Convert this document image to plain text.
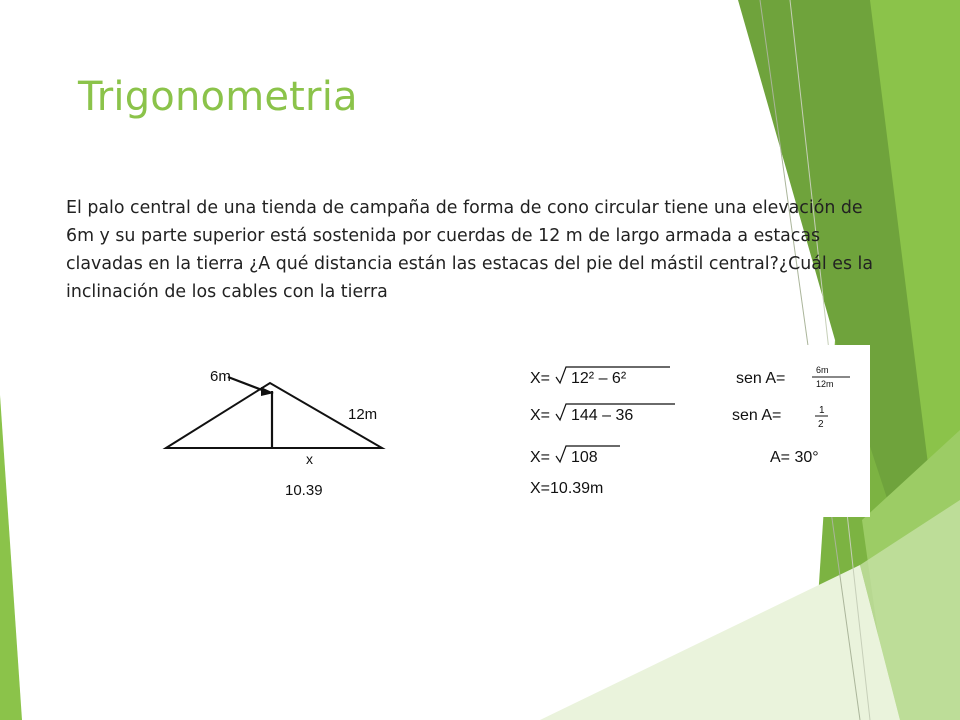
Trigonometria

El palo central de una tienda de campaña de forma de cono circular tiene una elevación de 6m y su parte superior está sostenida por cuerdas de 12 m de largo armada a estacas clavadas en la tierra ¿A qué distancia están las estacas del pie del mástil central?¿Cuál es la inclinación de los cables con la tierra

6m
12m
x
10.39
X= 12² – 6²
X= 144 – 36
X= 108
X=10.39m
sen A=	6m
12m
sen A=	1
2
A= 30°
